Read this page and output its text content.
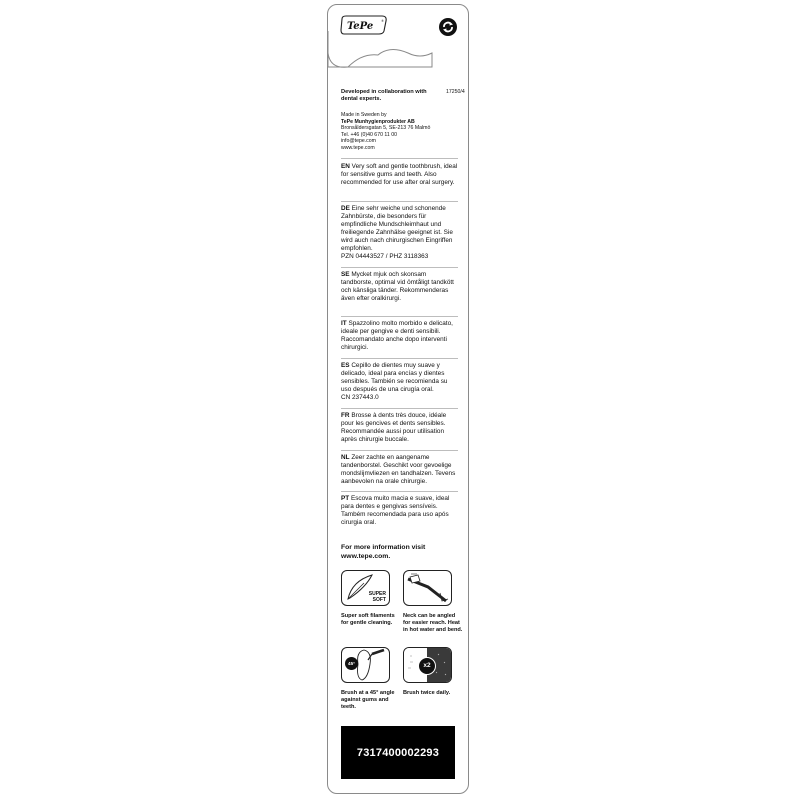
TePe	®
Developed in collaboration with dental experts.
17250/4
Made in Sweden by
TePe Munhygienprodukter AB
Bronsåldersgatan 5, SE-213 76 Malmö
Tel. +46 (0)40 670 11 00
info@tepe.com
www.tepe.com
EN Very soft and gentle toothbrush, ideal for sensitive gums and teeth. Also recommended for use after oral surgery.
DE Eine sehr weiche und schonende Zahnbürste, die besonders für empfindliche Mundschleimhaut und freiliegende Zahnhälse geeignet ist. Sie wird auch nach chirurgischen Eingriffen empfohlen.
PZN 04443527 / PHZ 3118363
SE Mycket mjuk och skonsam tandborste, optimal vid ömtåligt tandkött och känsliga tänder. Rekommenderas även efter oralkirurgi.
IT Spazzolino molto morbido e delicato, ideale per gengive e denti sensibili. Raccomandato anche dopo interventi chirurgici.
ES Cepillo de dientes muy suave y delicado, ideal para encías y dientes sensibles. También se recomienda su uso después de una cirugía oral.
CN 237443.0
FR Brosse à dents très douce, idéale pour les gencives et dents sensibles. Recommandée aussi pour utilisation après chirurgie buccale.
NL Zeer zachte en aangename tandenborstel. Geschikt voor gevoelige mondslijmvliezen en tandhalzen. Tevens aanbevolen na orale chirurgie.
PT Escova muito macia e suave, ideal para dentes e gengivas sensíveis. Também recomendada para uso após cirurgia oral.
For more information visit www.tepe.com.
SUPER SOFT
Super soft filaments for gentle cleaning.
Neck can be angled for easier reach. Heat in hot water and bend.
45°
Brush at a 45° angle against gums and teeth.
x2
Brush twice daily.
7317400002293
